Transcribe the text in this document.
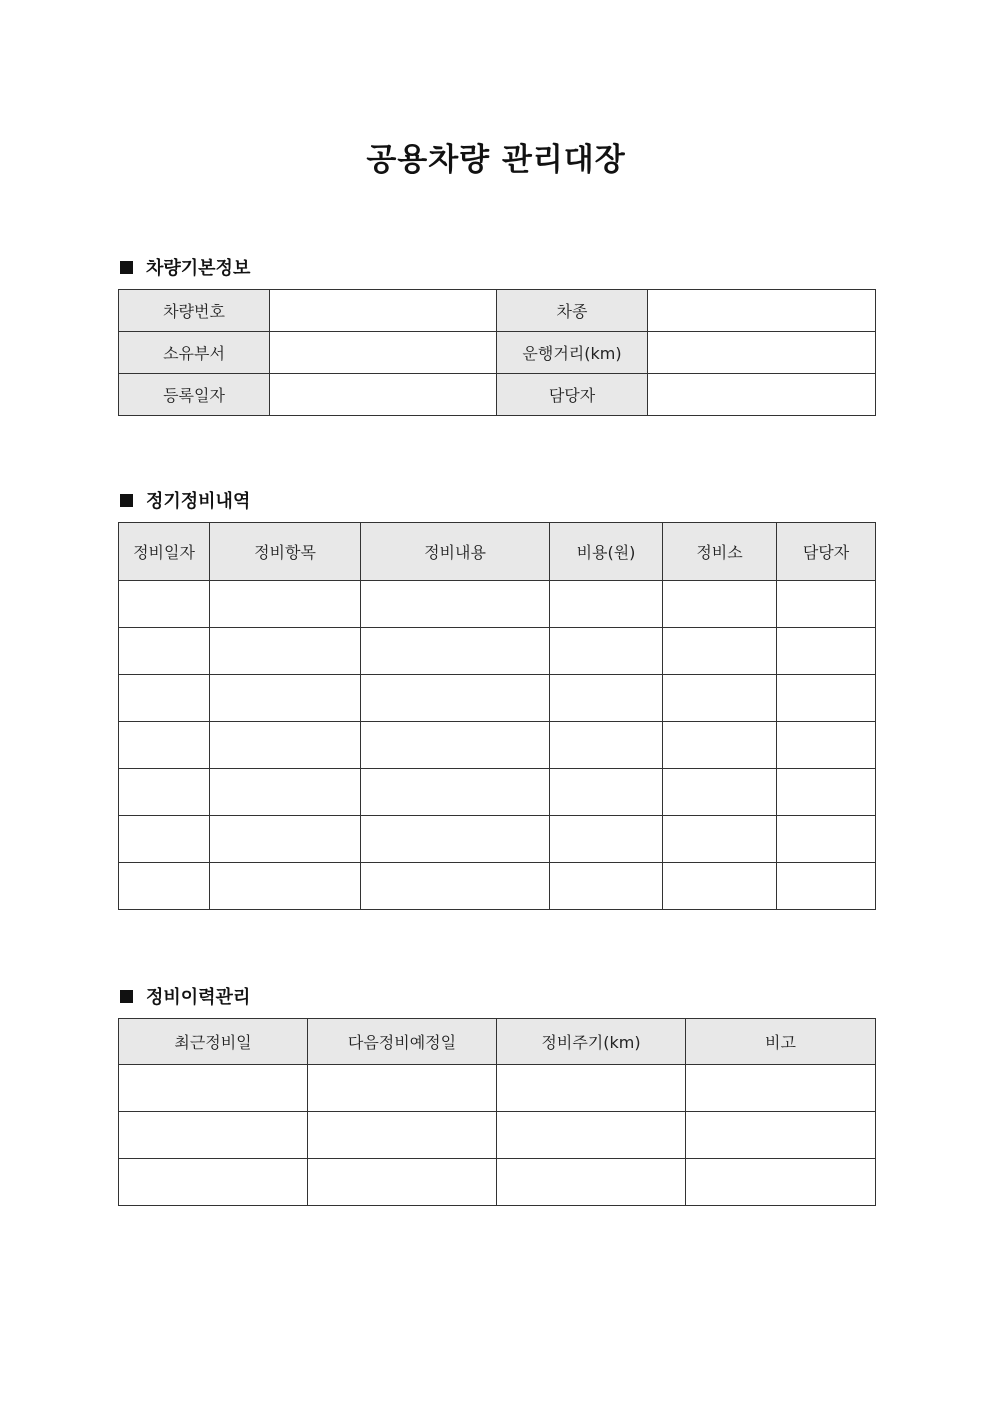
공용차량 관리대장
차량기본정보
차량번호		차종	
소유부서		운행거리(km)	
등록일자		담당자	
정기정비내역
정비일자	정비항목	정비내용	비용(원)	정비소	담당자

정비이력관리
최근정비일	다음정비예정일	정비주기(km)	비고
